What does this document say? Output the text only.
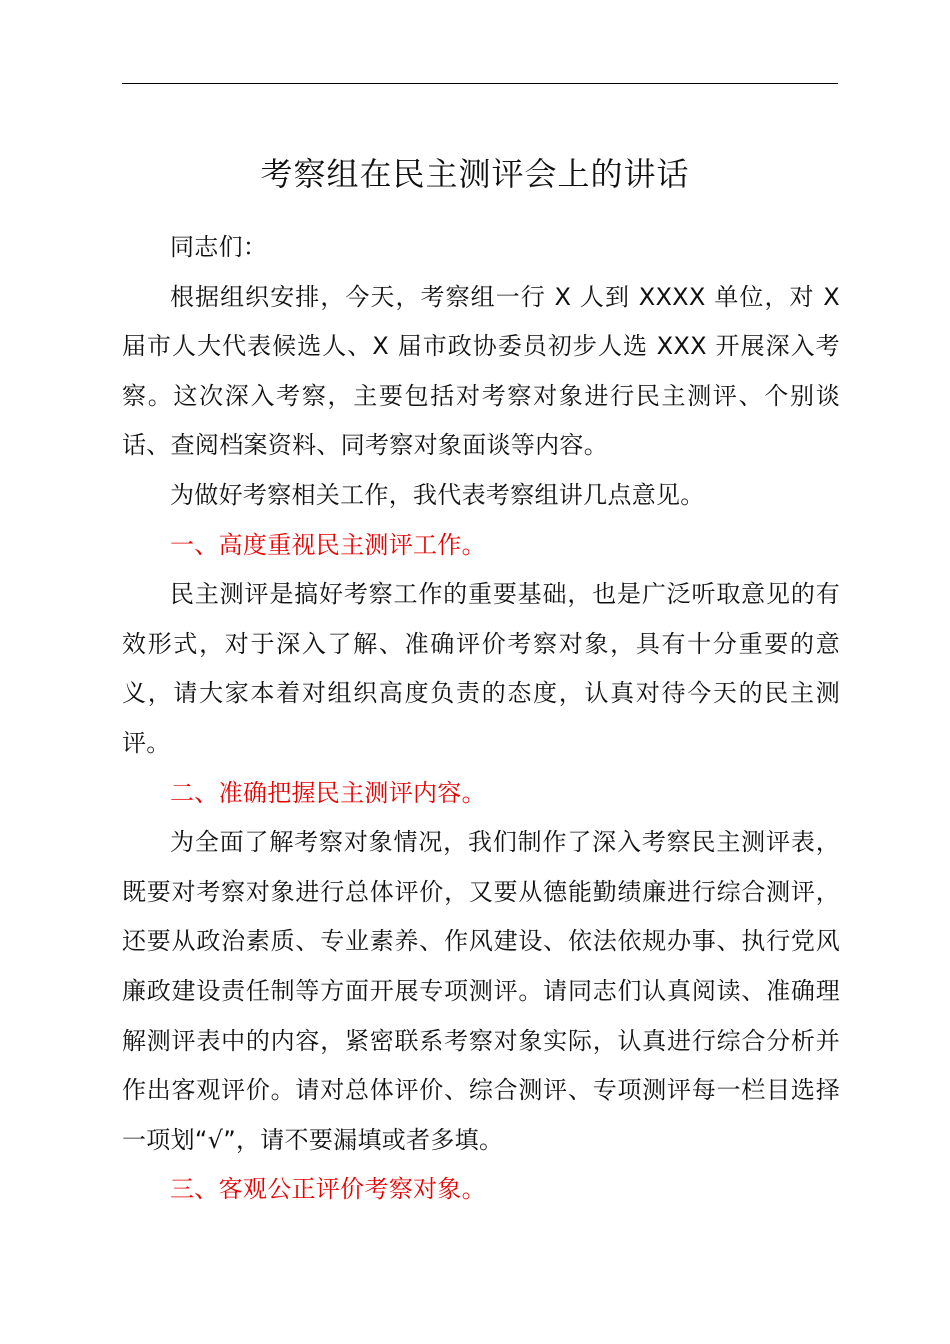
考察组在民主测评会上的讲话

同志们：

根据组织安排，今天，考察组一行 X 人到 XXXX 单位，对 X 届市人大代表候选人、X 届市政协委员初步人选 XXX 开展深入考察。这次深入考察，主要包括对考察对象进行民主测评、个别谈话、查阅档案资料、同考察对象面谈等内容。

为做好考察相关工作，我代表考察组讲几点意见。

一、高度重视民主测评工作。

民主测评是搞好考察工作的重要基础，也是广泛听取意见的有效形式，对于深入了解、准确评价考察对象，具有十分重要的意义，请大家本着对组织高度负责的态度，认真对待今天的民主测评。

二、准确把握民主测评内容。

为全面了解考察对象情况，我们制作了深入考察民主测评表，既要对考察对象进行总体评价，又要从德能勤绩廉进行综合测评，还要从政治素质、专业素养、作风建设、依法依规办事、执行党风廉政建设责任制等方面开展专项测评。请同志们认真阅读、准确理解测评表中的内容，紧密联系考察对象实际，认真进行综合分析并作出客观评价。请对总体评价、综合测评、专项测评每一栏目选择一项划“√”，请不要漏填或者多填。

三、客观公正评价考察对象。
